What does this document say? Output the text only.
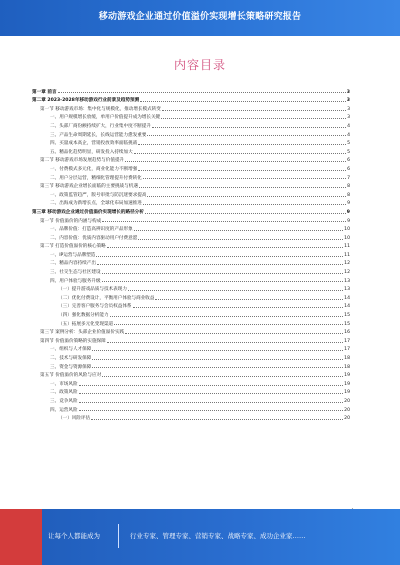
移动游戏企业通过价值溢价实现增长策略研究报告
内容目录
第一章 前言	3
第二章 2023-2028年移动游戏行业前景及趋势预测	3
第一节 移动游戏市场：集中化与规模化，推动增长模式转变	3
一、用户规模增长放缓，单用户价值提升成为增长关键	3
二、头部厂商份额持续扩大，行业集中度不断提升	4
三、产品生命周期延长，长线运营能力愈发重要	4
四、买量成本高企，营销投放效率面临挑战	5
五、精品化趋势明显，研发投入持续加大	5
第二节 移动游戏市场发展趋势与价值提升	6
一、付费模式多元化，商业化能力不断增强	6
二、用户分层运营，精细化管理提升付费转化	7
第三节 移动游戏企业增长面临的主要挑战与机遇	8
一、政策监管趋严，版号审批与防沉迷要求提高	8
二、出海成为新增长点，全球化布局加速推进	9
第三章 移动游戏企业通过价值溢价实现增长的路径分析	9
第一节 价值溢价的内涵与构成	9
一、品牌价值：打造高辨识度的产品形象	10
二、内容价值：优质内容驱动用户付费意愿	10
第二节 打造价值溢价的核心策略	11
一、IP运营与品牌塑造	11
二、精品内容持续产出	12
三、社交生态与社区建设	12
四、用户体验与服务升级	13
（一）提升游戏品质与技术表现力	13
（二）优化付费设计，平衡用户体验与商业收益	14
（三）完善客户服务与会员权益体系	14
（四）强化数据分析能力	15
（五）拓展多元化变现渠道	15
第三节 案例分析：头部企业价值溢价实践	16
第四节 价值溢价策略的实施保障	17
一、组织与人才保障	17
二、技术与研发保障	18
三、资金与资源保障	18
第五节 价值溢价的风险与应对	19
一、市场风险	19
二、政策风险	19
三、竞争风险	20
四、运营风险	20
（一）风险评估	20
让每个人都能成为	行业专家、管理专家、营销专家、战略专家、成功企业家……
